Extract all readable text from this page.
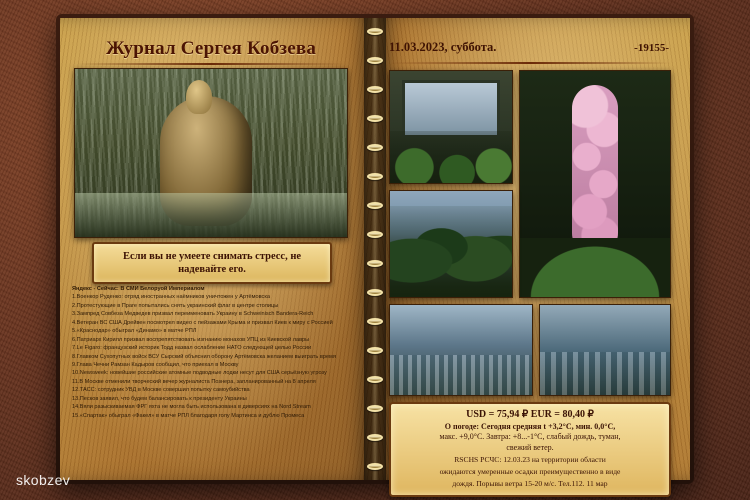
Журнал Сергея Кобзева
Если вы не умеете снимать стресс, не надевайте его.

Яндекс - Сейчас: В СМИ Белоруой Империалом

1.Военкор Руденко: отряд иностранных наёмников уничтожен у Артёмовска

2.Протестующие в Праге попытались снять украинский флаг в центре столицы

3.Зампред Совбеза Медведев призвал переименовать Украину в Schweinisch Bandera-Reich

4.Ветеран ВС США Дрейвен посмотрел видео с пейзажами Крыма и призвал Киев к миру с Россией

5.«Краснодар» обыграл «Динамо» в матче РПЛ

6.Патриарх Кирилл призвал воспрепятствовать изгнанию монахов УПЦ из Киевской лавры

7.Le Figaro: французский историк Тодд назвал ослабление НАТО следующей целью России

8.Главком Сухопутных войск ВСУ Сырский объяснил оборону Артёмовска желанием выиграть время

9.Глава Чечни Рамзан Кадыров сообщил, что приехал в Москву

10.Newsweek: новейшие российские атомные подводные лодки несут для США серьёзную угрозу

11.В Москве отменили творческий вечер журналиста Познера, запланированный на 8 апреля

12.ТАСС: сотрудник УВД в Москве совершил попытку самоубийства

13.Песков заявил, что будем балансировать к президенту Украины

14.Вяли разыскиваемая ФРГ яхта не могла быть использована в диверсиях на Nord Stream

15.«Спартак» обыграл «Факел» в матче РПЛ благодаря голу Мартинса и дублю Промеса

11.03.2023, суббота.	-19155-
USD = 75,94 ₽ EUR = 80,40 ₽
О погоде: Сегодня средняя t +3,2°C, мин. 0,0°C,
макс. +9,0°C. Завтра: +8...-1°C, слабый дождь, туман,
свежий ветер.
RSCHS РСЧС: 12.03.23 на территории области
ожидаются умеренные осадки преимущественно в виде
дождя. Порывы ветра 15-20 м/с. Тел.112. 11 мар
skobzev
